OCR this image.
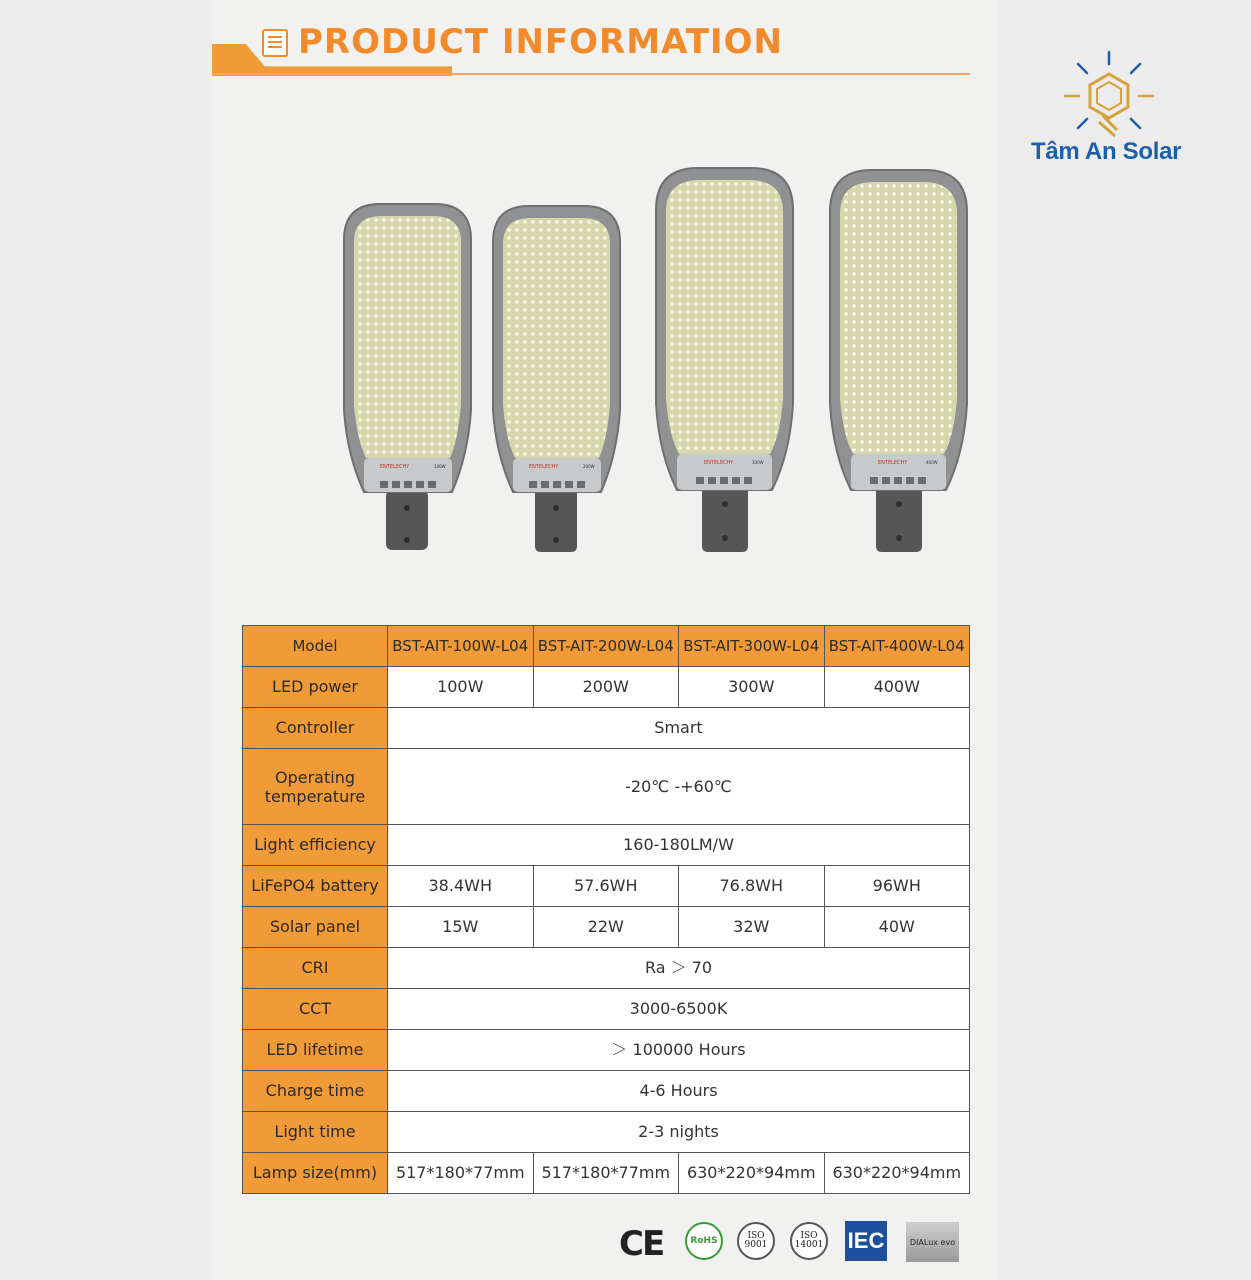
PRODUCT INFORMATION
Tâm An Solar
ENTELECHY	100W	ENTELECHY	200W
ENTELECHY	300W	ENTELECHY	400W
Model	BST-AIT-100W-L04	BST-AIT-200W-L04	BST-AIT-300W-L04	BST-AIT-400W-L04
LED power	100W	200W	300W	400W
Controller	Smart			
Operating temperature	-20℃ -+60℃			
Light efficiency	160-180LM/W			
LiFePO4 battery	38.4WH	57.6WH	76.8WH	96WH
Solar panel	15W	22W	32W	40W
CRI	Ra ＞ 70			
CCT	3000-6500K			
LED lifetime	＞ 100000 Hours			
Charge time	4-6 Hours			
Light time	2-3 nights			
Lamp size(mm)	517*180*77mm	517*180*77mm	630*220*94mm	630*220*94mm
CE	RoHS	ISO 9001
ISO 14001 IEC	DIALux evo
